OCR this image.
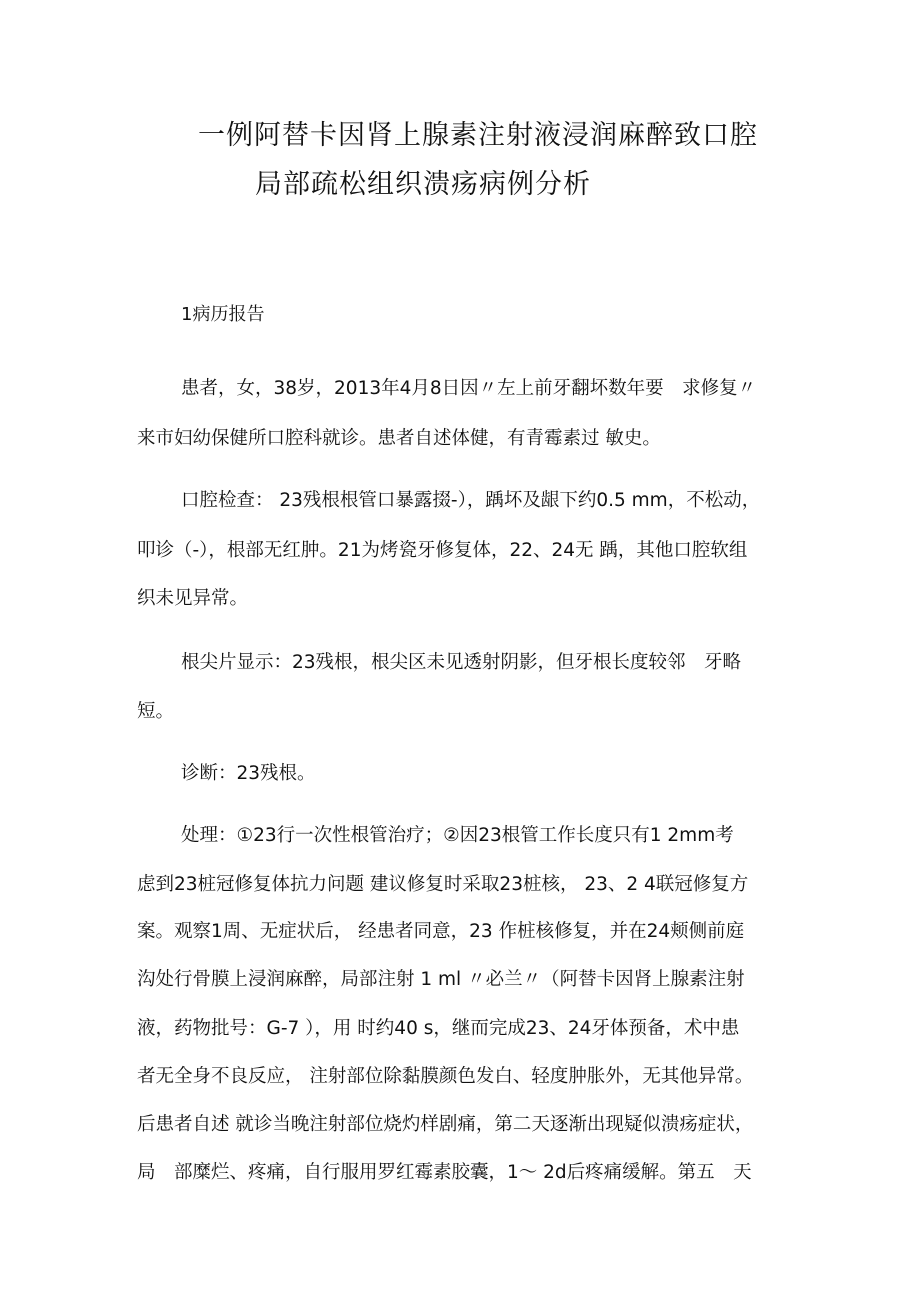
一例阿替卡因肾上腺素注射液浸润麻醉致口腔
局部疏松组织溃疡病例分析
1病历报告
患者，女，38岁，2013年4月8日因〃左上前牙翻坏数年要　求修复〃
来市妇幼保健所口腔科就诊。患者自述体健，有青霉素过 敏史。
口腔检查： 23残根根管口暴露掇-），踽坏及龈下约0.5 mm，不松动，
叩诊（-），根部无红肿。21为烤瓷牙修复体，22、24无 踽，其他口腔软组
织未见异常。
根尖片显示：23残根，根尖区未见透射阴影，但牙根长度较邻　牙略
短。
诊断：23残根。
处理：①23行一次性根管治疗；②因23根管工作长度只有1 2mm考
虑到23桩冠修复体抗力问题 建议修复时采取23桩核， 23、2 4联冠修复方
案。观察1周、无症状后， 经患者同意，23 作桩核修复，并在24颊侧前庭
沟处行骨膜上浸润麻醉，局部注射 1 ml 〃必兰〃（阿替卡因肾上腺素注射
液，药物批号：G-7 ），用 时约40 s，继而完成23、24牙体预备，术中患
者无全身不良反应， 注射部位除黏膜颜色发白、轻度肿胀外，无其他异常。
后患者自述 就诊当晚注射部位烧灼样剧痛，第二天逐渐出现疑似溃疡症状，
局　部糜烂、疼痛，自行服用罗红霉素胶囊，1～ 2d后疼痛缓解。第五　天
